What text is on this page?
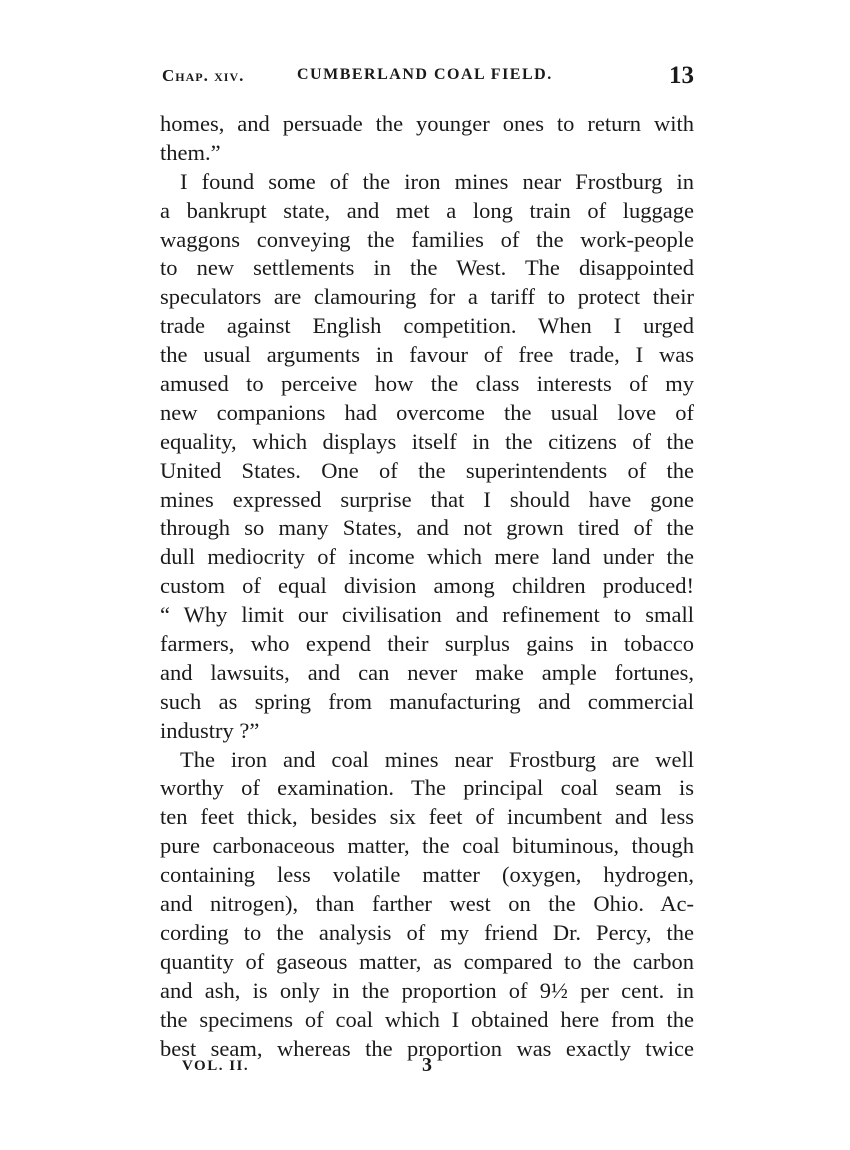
Chap. xiv.	CUMBERLAND COAL FIELD.	13
homes, and persuade the younger ones to return with
them.”
I found some of the iron mines near Frostburg in
a bankrupt state, and met a long train of luggage
waggons conveying the families of the work-people
to new settlements in the West. The disappointed
speculators are clamouring for a tariff to protect their
trade against English competition. When I urged
the usual arguments in favour of free trade, I was
amused to perceive how the class interests of my
new companions had overcome the usual love of
equality, which displays itself in the citizens of the
United States. One of the superintendents of the
mines expressed surprise that I should have gone
through so many States, and not grown tired of the
dull mediocrity of income which mere land under the
custom of equal division among children produced!
“ Why limit our civilisation and refinement to small
farmers, who expend their surplus gains in tobacco
and lawsuits, and can never make ample fortunes,
such as spring from manufacturing and commercial
industry ?”
The iron and coal mines near Frostburg are well
worthy of examination. The principal coal seam is
ten feet thick, besides six feet of incumbent and less
pure carbonaceous matter, the coal bituminous, though
containing less volatile matter (oxygen, hydrogen,
and nitrogen), than farther west on the Ohio. Ac-
cording to the analysis of my friend Dr. Percy, the
quantity of gaseous matter, as compared to the carbon
and ash, is only in the proportion of 9½ per cent. in
the specimens of coal which I obtained here from the
best seam, whereas the proportion was exactly twice
VOL. II.	3
